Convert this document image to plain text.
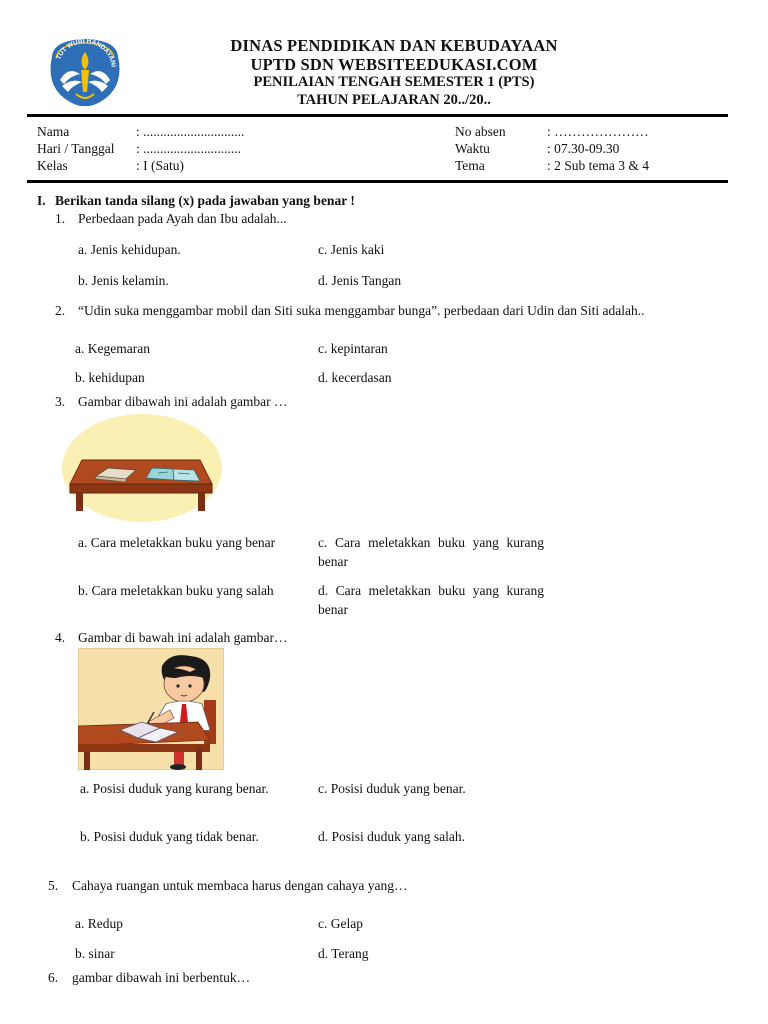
TUT WURI HANDAYANI
DINAS PENDIDIKAN DAN KEBUDAYAAN
UPTD SDN WEBSITEEDUKASI.COM
PENILAIAN TENGAH SEMESTER 1 (PTS)
TAHUN PELAJARAN 20../20..
Nama	: ..............................
Hari / Tanggal : .............................
Kelas	: I (Satu)
No absen	: …………………
Waktu	: 07.30-09.30
Tema	: 2 Sub tema 3 & 4
I. Berikan tanda silang (x) pada jawaban yang benar !
1. Perbedaan pada Ayah dan Ibu adalah...
a. Jenis kehidupan.
b. Jenis kelamin.
c. Jenis kaki
d. Jenis Tangan
2. “Udin suka menggambar mobil dan Siti suka menggambar bunga”. perbedaan dari Udin dan Siti adalah..
a. Kegemaran
b. kehidupan
c. kepintaran
d. kecerdasan
3. Gambar dibawah ini adalah gambar …
a. Cara meletakkan buku yang benar
b. Cara meletakkan buku yang salah
c. Cara meletakkan buku yang kurang benar
d. Cara meletakkan buku yang kurang benar
4. Gambar di bawah ini adalah gambar…
a. Posisi duduk yang kurang benar.
b. Posisi duduk yang tidak benar.
c. Posisi duduk yang benar.
d. Posisi duduk yang salah.
5. Cahaya ruangan untuk membaca harus dengan cahaya yang…
a. Redup
b. sinar
c. Gelap
d. Terang
6. gambar dibawah ini berbentuk…
